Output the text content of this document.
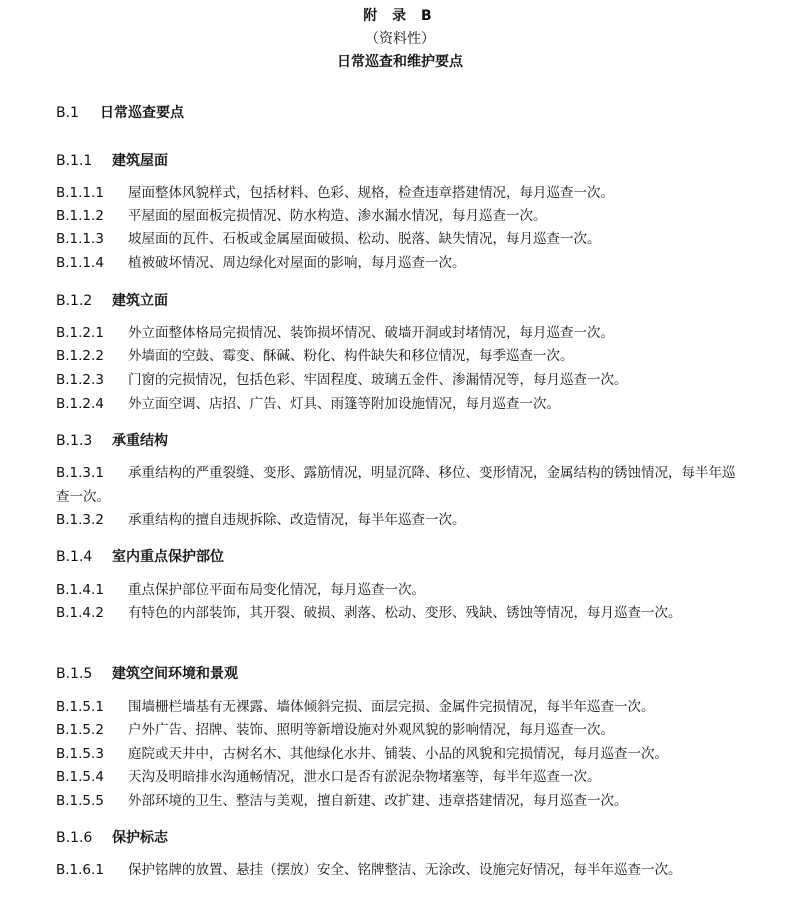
附 录 B
（资料性）
日常巡查和维护要点
B.1 日常巡查要点
B.1.1 建筑屋面
B.1.1.1 屋面整体风貌样式，包括材料、色彩、规格，检查违章搭建情况，每月巡查一次。
B.1.1.2 平屋面的屋面板完损情况、防水构造、渗水漏水情况，每月巡查一次。
B.1.1.3 坡屋面的瓦件、石板或金属屋面破损、松动、脱落、缺失情况，每月巡查一次。
B.1.1.4 植被破坏情况、周边绿化对屋面的影响，每月巡查一次。
B.1.2 建筑立面
B.1.2.1 外立面整体格局完损情况、装饰损坏情况、破墙开洞或封堵情况，每月巡查一次。
B.1.2.2 外墙面的空鼓、霉变、酥碱、粉化、构件缺失和移位情况，每季巡查一次。
B.1.2.3 门窗的完损情况，包括色彩、牢固程度、玻璃五金件、渗漏情况等，每月巡查一次。
B.1.2.4 外立面空调、店招、广告、灯具、雨篷等附加设施情况，每月巡查一次。
B.1.3 承重结构
B.1.3.1 承重结构的严重裂缝、变形、露筋情况，明显沉降、移位、变形情况，金属结构的锈蚀情况，每半年巡查一次。
B.1.3.2 承重结构的擅自违规拆除、改造情况，每半年巡查一次。
B.1.4 室内重点保护部位
B.1.4.1 重点保护部位平面布局变化情况，每月巡查一次。
B.1.4.2 有特色的内部装饰，其开裂、破损、剥落、松动、变形、残缺、锈蚀等情况，每月巡查一次。
B.1.5 建筑空间环境和景观
B.1.5.1 围墙栅栏墙基有无裸露、墙体倾斜完损、面层完损、金属件完损情况，每半年巡查一次。
B.1.5.2 户外广告、招牌、装饰、照明等新增设施对外观风貌的影响情况，每月巡查一次。
B.1.5.3 庭院或天井中，古树名木、其他绿化水井、铺装、小品的风貌和完损情况，每月巡查一次。
B.1.5.4 天沟及明暗排水沟通畅情况，泄水口是否有淤泥杂物堵塞等，每半年巡查一次。
B.1.5.5 外部环境的卫生、整洁与美观，擅自新建、改扩建、违章搭建情况，每月巡查一次。
B.1.6 保护标志
B.1.6.1 保护铭牌的放置、悬挂（摆放）安全、铭牌整洁、无涂改、设施完好情况，每半年巡查一次。
